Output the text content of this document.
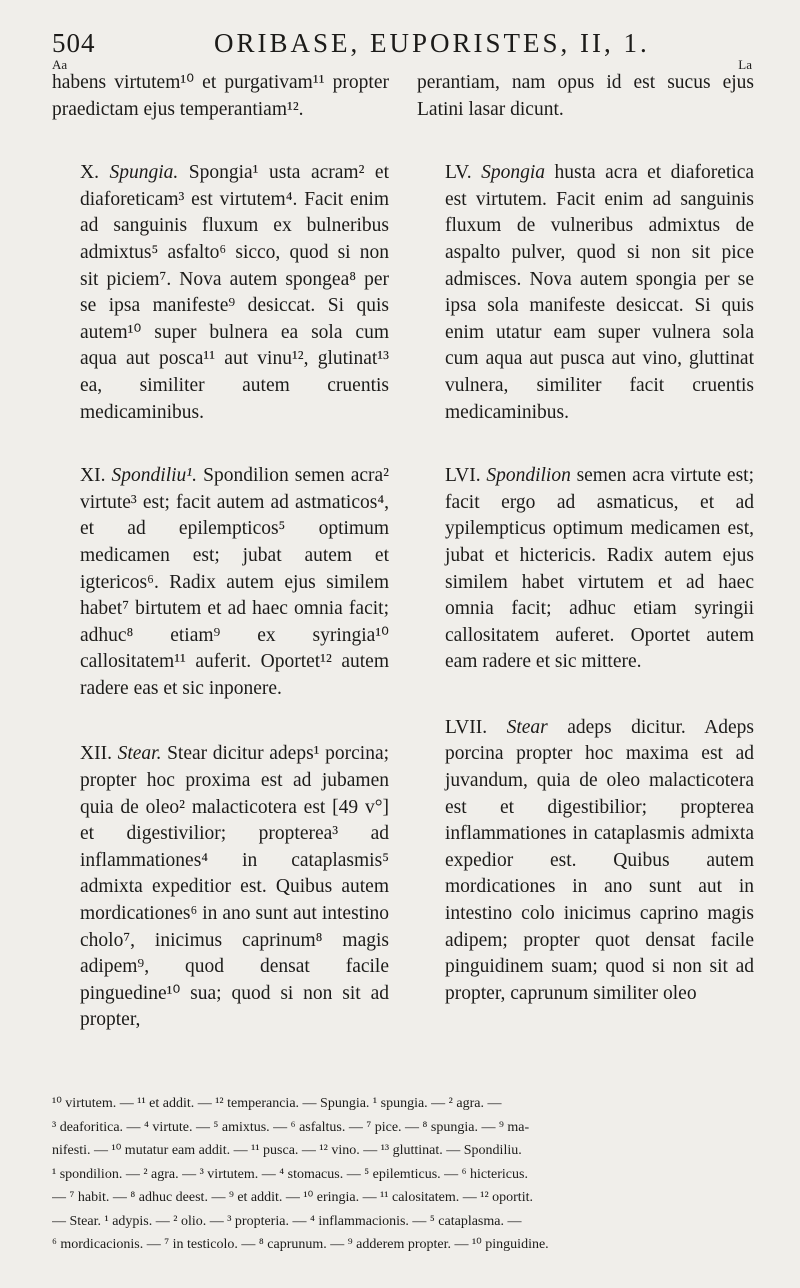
504	ORIBASE, EUPORISTES, II, 1.
Aa	La

habens virtutem¹⁰ et purgativam¹¹ propter praedictam ejus temperantiam¹².

X. Spungia. Spongia¹ usta acram² et diaforeticam³ est virtutem⁴. Facit enim ad sanguinis fluxum ex bulneribus admixtus⁵ asfalto⁶ sicco, quod si non sit piciem⁷. Nova autem spongea⁸ per se ipsa manifeste⁹ desiccat. Si quis autem¹⁰ super bulnera ea sola cum aqua aut posca¹¹ aut vinu¹², glutinat¹³ ea, similiter autem cruentis medicaminibus.

XI. Spondiliu¹. Spondilion semen acra² virtute³ est; facit autem ad astmaticos⁴, et ad epilempticos⁵ optimum medicamen est; jubat autem et igtericos⁶. Radix autem ejus similem habet⁷ birtutem et ad haec omnia facit; adhuc⁸ etiam⁹ ex syringia¹⁰ callositatem¹¹ auferit. Oportet¹² autem radere eas et sic inponere.

XII. Stear. Stear dicitur adeps¹ porcina; propter hoc proxima est ad jubamen quia de oleo² malacticotera est [49 v°] et digestivilior; propterea³ ad inflammationes⁴ in cataplasmis⁵ admixta expeditior est. Quibus autem mordicationes⁶ in ano sunt aut intestino cholo⁷, inicimus caprinum⁸ magis adipem⁹, quod densat facile pinguedine¹⁰ sua; quod si non sit ad propter,

perantiam, nam opus id est sucus ejus Latini lasar dicunt.

LV. Spongia husta acra et diaforetica est virtutem. Facit enim ad sanguinis fluxum de vulneribus admixtus de aspalto pulver, quod si non sit pice admisces. Nova autem spongia per se ipsa sola manifeste desiccat. Si quis enim utatur eam super vulnera sola cum aqua aut pusca aut vino, gluttinat vulnera, similiter facit cruentis medicaminibus.

LVI. Spondilion semen acra virtute est; facit ergo ad asmaticus, et ad ypilempticus optimum medicamen est, jubat et hictericis. Radix autem ejus similem habet virtutem et ad haec omnia facit; adhuc etiam syringii callositatem auferet. Oportet autem eam radere et sic mittere.

LVII. Stear adeps dicitur. Adeps porcina propter hoc maxima est ad juvandum, quia de oleo malacticotera est et digestibilior; propterea inflammationes in cataplasmis admixta expedior est. Quibus autem mordicationes in ano sunt aut in intestino colo inicimus caprino magis adipem; propter quot densat facile pinguidinem suam; quod si non sit ad propter, caprunum similiter oleo

¹⁰ virtutem. — ¹¹ et addit. — ¹² temperancia. — Spungia. ¹ spungia. — ² agra. —
³ deaforitica. — ⁴ virtute. — ⁵ amixtus. — ⁶ asfaltus. — ⁷ pice. — ⁸ spungia. — ⁹ ma-
nifesti. — ¹⁰ mutatur eam addit. — ¹¹ pusca. — ¹² vino. — ¹³ gluttinat. — Spondiliu.
¹ spondilion. — ² agra. — ³ virtutem. — ⁴ stomacus. — ⁵ epilemticus. — ⁶ hictericus.
— ⁷ habit. — ⁸ adhuc deest. — ⁹ et addit. — ¹⁰ eringia. — ¹¹ calositatem. — ¹² oportit.
— Stear. ¹ adypis. — ² olio. — ³ propteria. — ⁴ inflammacionis. — ⁵ cataplasma. —
⁶ mordicacionis. — ⁷ in testicolo. — ⁸ caprunum. — ⁹ adderem propter. — ¹⁰ pinguidine.
